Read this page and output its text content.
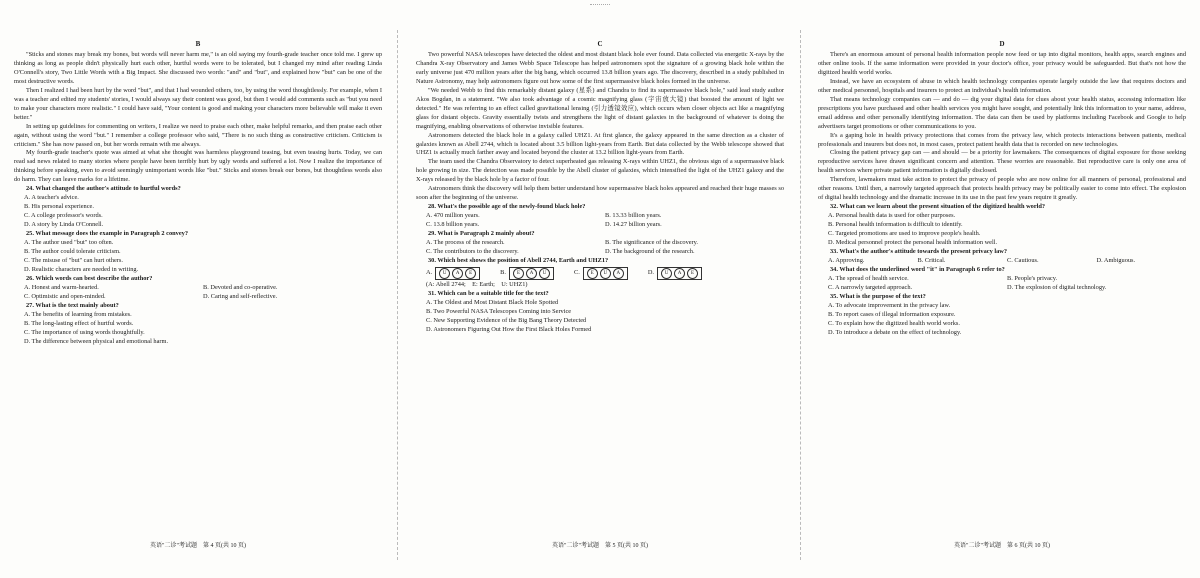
B

"Sticks and stones may break my bones, but words will never harm me," is an old saying my fourth-grade teacher once told me. I grew up thinking as long as people didn't physically hurt each other, hurtful words were to be tolerated, but I changed my mind after reading Linda O'Connell's story, Two Little Words with a Big Impact. She discussed two words: "and" and "but", and explained how "but" can be one of the most destructive words.

Then I realized I had been hurt by the word "but", and that I had wounded others, too, by using the word thoughtlessly. For example, when I was a teacher and edited my students' stories, I would always say their content was good, but then I would add comments such as "but you need to make your characters more realistic." I could have said, "Your content is good and making your characters more believable will make it even better."

In setting up guidelines for commenting on writers, I realize we need to praise each other, make helpful remarks, and then praise each other again, without using the word "but." I remember a college professor who said, "There is no such thing as constructive criticism. Criticism is criticism." She has now passed on, but her words remain with me always.

My fourth-grade teacher's quote was aimed at what she thought was harmless playground teasing, but even teasing hurts. Today, we can read sad news related to many stories where people have been terribly hurt by ugly words and suffered a lot. Now I realize the importance of thinking before speaking, even to avoid seemingly unimportant words like "but." Sticks and stones break our bones, but thoughtless words also do harm. They can leave marks for a lifetime.

24. What changed the author's attitude to hurtful words?

A. A teacher's advice.
B. His personal experience.
C. A college professor's words.
D. A story by Linda O'Connell.

25. What message does the example in Paragraph 2 convey?

A. The author used "but" too often.
B. The author could tolerate criticism.
C. The misuse of "but" can hurt others.
D. Realistic characters are needed in writing.

26. Which words can best describe the author?

A. Honest and warm-hearted.	B. Devoted and co-operative.
C. Optimistic and open-minded.	D. Caring and self-reflective.

27. What is the text mainly about?

A. The benefits of learning from mistakes.
B. The long-lasting effect of hurtful words.
C. The importance of using words thoughtfully.
D. The difference between physical and emotional harm.

C

Two powerful NASA telescopes have detected the oldest and most distant black hole ever found. Data collected via energetic X-rays by the Chandra X-ray Observatory and James Webb Space Telescope has helped astronomers spot the signature of a growing black hole within the early universe just 470 million years after the big bang, which occurred 13.8 billion years ago. The discovery, described in a study published in Nature Astronomy, may help astronomers figure out how some of the first supermassive black holes formed in the universe.

"We needed Webb to find this remarkably distant galaxy (星系) and Chandra to find its supermassive black hole," said lead study author Akos Bogdan, in a statement. "We also took advantage of a cosmic magnifying glass (宇宙放大镜) that boosted the amount of light we detected." He was referring to an effect called gravitational lensing (引力透镜效应), which occurs when closer objects act like a magnifying glass for distant objects. Gravity essentially twists and strengthens the light of distant galaxies in the background of whatever is doing the magnifying, enabling observations of otherwise invisible features.

Astronomers detected the black hole in a galaxy called UHZ1. At first glance, the galaxy appeared in the same direction as a cluster of galaxies known as Abell 2744, which is located about 3.5 billion light-years from Earth. But data collected by the Webb telescope showed that UHZ1 is actually much farther away and located beyond the cluster at 13.2 billion light-years from Earth.

The team used the Chandra Observatory to detect superheated gas releasing X-rays within UHZ1, the obvious sign of a supermassive black hole growing in size. The detection was made possible by the Abell cluster of galaxies, which intensified the light of the UHZ1 galaxy and the X-rays released by the black hole by a factor of four.

Astronomers think the discovery will help them better understand how supermassive black holes appeared and reached their huge masses so soon after the beginning of the universe.

28. What's the possible age of the newly-found black hole?

A. 470 million years.	B. 13.33 billion years.
C. 13.8 billion years.	D. 14.27 billion years.

29. What is Paragraph 2 mainly about?

A. The process of the research.	B. The significance of the discovery.
C. The contributors to the discovery.	D. The background of the research.

30. Which best shows the position of Abell 2744, Earth and UHZ1?

A.	U	A	E	B.	E	A	U	C.	E	U	A	D.	U	A	E
(A: Abell 2744;　E: Earth;　U: UHZ1)

31. Which can be a suitable title for the text?

A. The Oldest and Most Distant Black Hole Spotted
B. Two Powerful NASA Telescopes Coming into Service
C. New Supporting Evidence of the Big Bang Theory Detected
D. Astronomers Figuring Out How the First Black Holes Formed

D

There's an enormous amount of personal health information people now feed or tap into digital monitors, health apps, search engines and other online tools. If the same information were provided in your doctor's office, your privacy would be safeguarded. But that's not how the digitized health world works.

Instead, we have an ecosystem of abuse in which health technology companies operate largely outside the law that requires doctors and other medical personnel, hospitals and insurers to protect an individual's health information.

That means technology companies can — and do — dig your digital data for clues about your health status, accessing information like prescriptions you have purchased and other health services you might have sought, and potentially link this information to your name, address, email address and other personally identifying information. The data can then be used by platforms including Facebook and Google to help advertisers target promotions or other communications to you.

It's a gaping hole in health privacy protections that comes from the privacy law, which protects interactions between patients, medical professionals and insurers but does not, in most cases, protect patient health data that is recorded on new technologies.

Closing the patient privacy gap can — and should — be a priority for lawmakers. The consequences of digital exposure for those seeking reproductive services have drawn significant concern and attention. These worries are reasonable. But reproductive care is only one area of health services where private patient information is digitally disclosed.

Therefore, lawmakers must take action to protect the privacy of people who are now online for all manners of personal, professional and other reasons. Until then, a narrowly targeted approach that protects health privacy may be politically easier to come into effect. The explosion of digital health technology and the dramatic increase in its use in the past few years require it greatly.

32. What can we learn about the present situation of the digitized health world?

A. Personal health data is used for other purposes.
B. Personal health information is difficult to identify.
C. Targeted promotions are used to improve people's health.
D. Medical personnel protect the personal health information well.

33. What's the author's attitude towards the present privacy law?

A. Approving.	B. Critical.	C. Cautious.	D. Ambiguous.

34. What does the underlined word "it" in Paragraph 6 refer to?

A. The spread of health service.	B. People's privacy.
C. A narrowly targeted approach.	D. The explosion of digital technology.

35. What is the purpose of the text?

A. To advocate improvement in the privacy law.
B. To report cases of illegal information exposure.
C. To explain how the digitized health world works.
D. To introduce a debate on the effect of technology.
英语"二诊"考试题　第 4 页(共 10 页)	英语"二诊"考试题　第 5 页(共 10 页)	英语"二诊"考试题　第 6 页(共 10 页)
